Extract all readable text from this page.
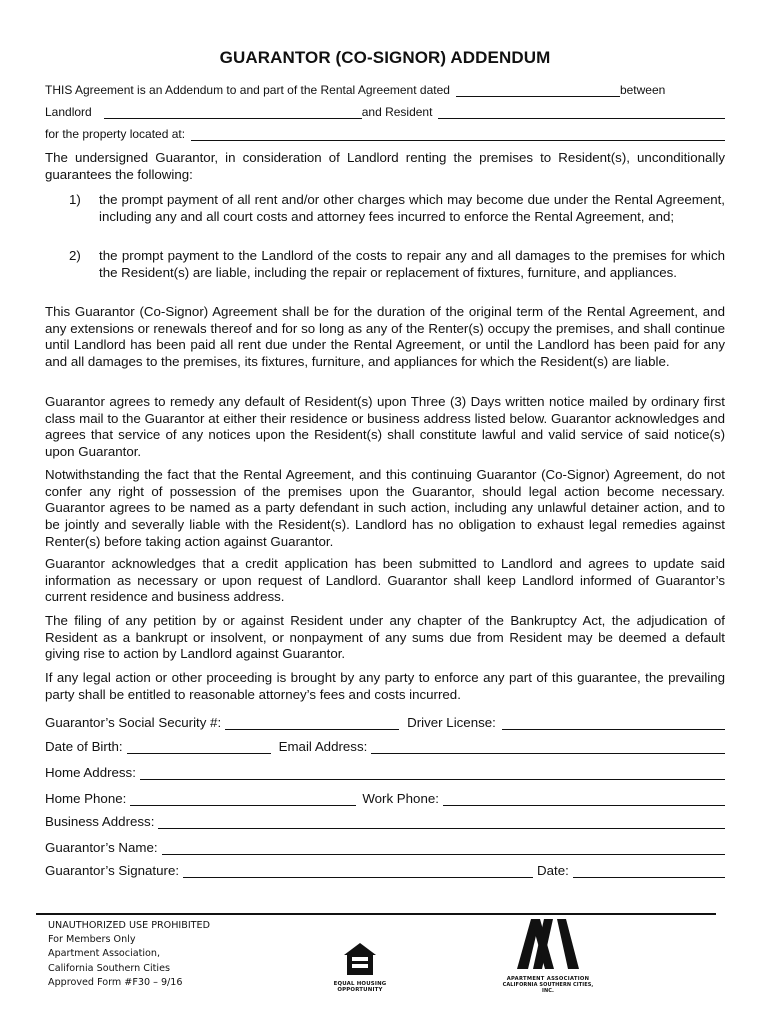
GUARANTOR (CO-SIGNOR) ADDENDUM
THIS Agreement is an Addendum to and part of the Rental Agreement dated	between
Landlord	and Resident
for the property located at:
The undersigned Guarantor, in consideration of Landlord renting the premises to Resident(s), unconditionally guarantees the following:
1)	the prompt payment of all rent and/or other charges which may become due under the Rental Agreement, including any and all court costs and attorney fees incurred to enforce the Rental Agreement, and;
2)	the prompt payment to the Landlord of the costs to repair any and all damages to the premises for which the Resident(s) are liable, including the repair or replacement of fixtures, furniture, and appliances.
This Guarantor (Co-Signor) Agreement shall be for the duration of the original term of the Rental Agreement, and any extensions or renewals thereof and for so long as any of the Renter(s) occupy the premises, and shall continue until Landlord has been paid all rent due under the Rental Agreement, or until the Landlord has been paid for any and all damages to the premises, its fixtures, furniture, and appliances for which the Resident(s) are liable.
Guarantor agrees to remedy any default of Resident(s) upon Three (3) Days written notice mailed by ordinary first class mail to the Guarantor at either their residence or business address listed below. Guarantor acknowledges and agrees that service of any notices upon the Resident(s) shall constitute lawful and valid service of said notice(s) upon Guarantor.
Notwithstanding the fact that the Rental Agreement, and this continuing Guarantor (Co-Signor) Agreement, do not confer any right of possession of the premises upon the Guarantor, should legal action become necessary. Guarantor agrees to be named as a party defendant in such action, including any unlawful detainer action, and to be jointly and severally liable with the Resident(s). Landlord has no obligation to exhaust legal remedies against Renter(s) before taking action against Guarantor.
Guarantor acknowledges that a credit application has been submitted to Landlord and agrees to update said information as necessary or upon request of Landlord. Guarantor shall keep Landlord informed of Guarantor’s current residence and business address.
The filing of any petition by or against Resident under any chapter of the Bankruptcy Act, the adjudication of Resident as a bankrupt or insolvent, or nonpayment of any sums due from Resident may be deemed a default giving rise to action by Landlord against Guarantor.
If any legal action or other proceeding is brought by any party to enforce any part of this guarantee, the prevailing party shall be entitled to reasonable attorney’s fees and costs incurred.
Guarantor’s Social Security #:	Driver License:
Date of Birth:	Email Address:
Home Address:
Home Phone:	Work Phone:
Business Address:
Guarantor’s Name:
Guarantor’s Signature:	Date:
UNAUTHORIZED USE PROHIBITED
For Members Only
Apartment Association,
California Southern Cities
Approved Form #F30 – 9/16	EQUAL HOUSING
OPPORTUNITY
APARTMENT ASSOCIATION
CALIFORNIA SOUTHERN CITIES, INC.
